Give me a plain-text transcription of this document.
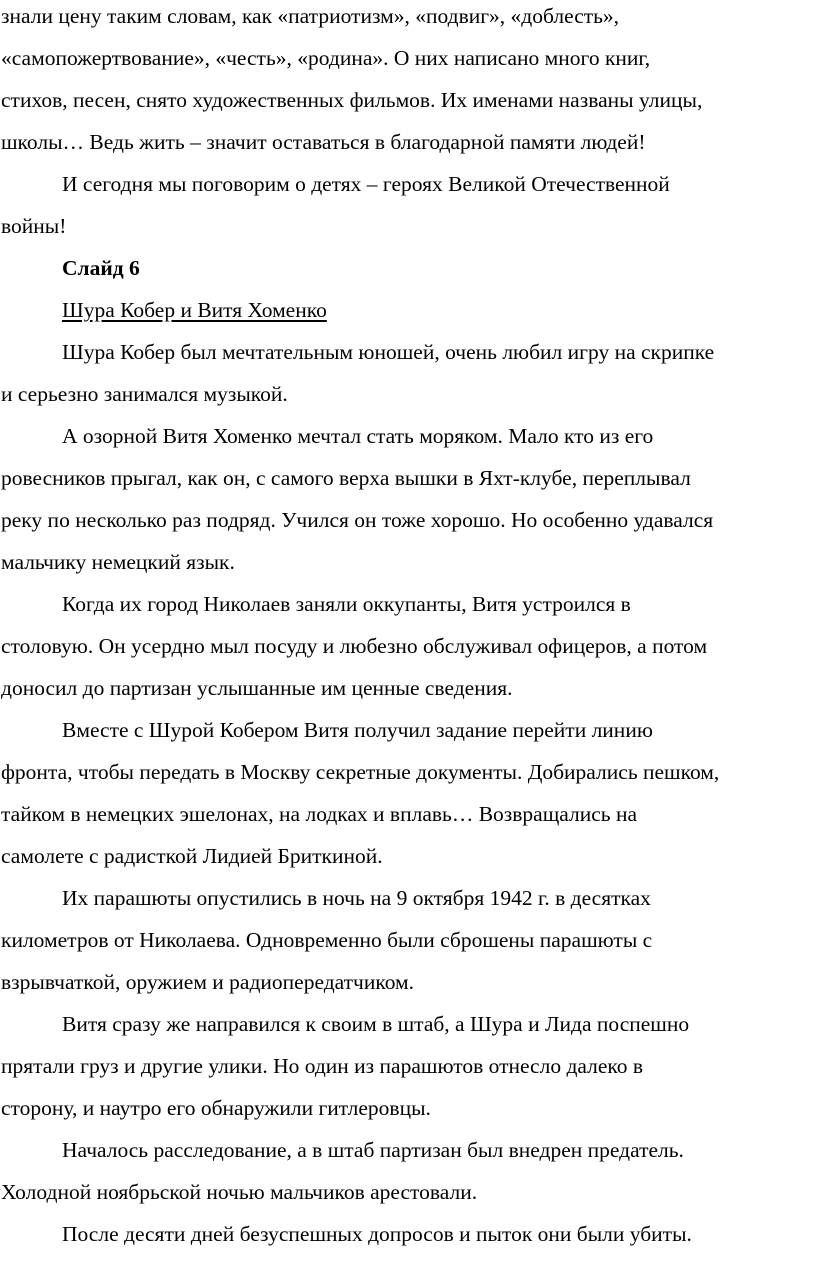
знали цену таким словам, как «патриотизм», «подвиг», «доблесть»,
«самопожертвование», «честь», «родина». О них написано много книг,
стихов, песен, снято художественных фильмов. Их именами названы улицы,
школы… Ведь жить – значит оставаться в благодарной памяти людей!
И сегодня мы поговорим о детях – героях Великой Отечественной
войны!
Слайд 6
Шура Кобер и Витя Хоменко
Шура Кобер был мечтательным юношей, очень любил игру на скрипке
и серьезно занимался музыкой.
А озорной Витя Хоменко мечтал стать моряком. Мало кто из его
ровесников прыгал, как он, с самого верха вышки в Яхт-клубе, переплывал
реку по несколько раз подряд. Учился он тоже хорошо. Но особенно удавался
мальчику немецкий язык.
Когда их город Николаев заняли оккупанты, Витя устроился в
столовую. Он усердно мыл посуду и любезно обслуживал офицеров, а потом
доносил до партизан услышанные им ценные сведения.
Вместе с Шурой Кобером Витя получил задание перейти линию
фронта, чтобы передать в Москву секретные документы. Добирались пешком,
тайком в немецких эшелонах, на лодках и вплавь… Возвращались на
самолете с радисткой Лидией Бриткиной.
Их парашюты опустились в ночь на 9 октября 1942 г. в десятках
километров от Николаева. Одновременно были сброшены парашюты с
взрывчаткой, оружием и радиопередатчиком.
Витя сразу же направился к своим в штаб, а Шура и Лида поспешно
прятали груз и другие улики. Но один из парашютов отнесло далеко в
сторону, и наутро его обнаружили гитлеровцы.
Началось расследование, а в штаб партизан был внедрен предатель.
Холодной ноябрьской ночью мальчиков арестовали.
После десяти дней безуспешных допросов и пыток они были убиты.
